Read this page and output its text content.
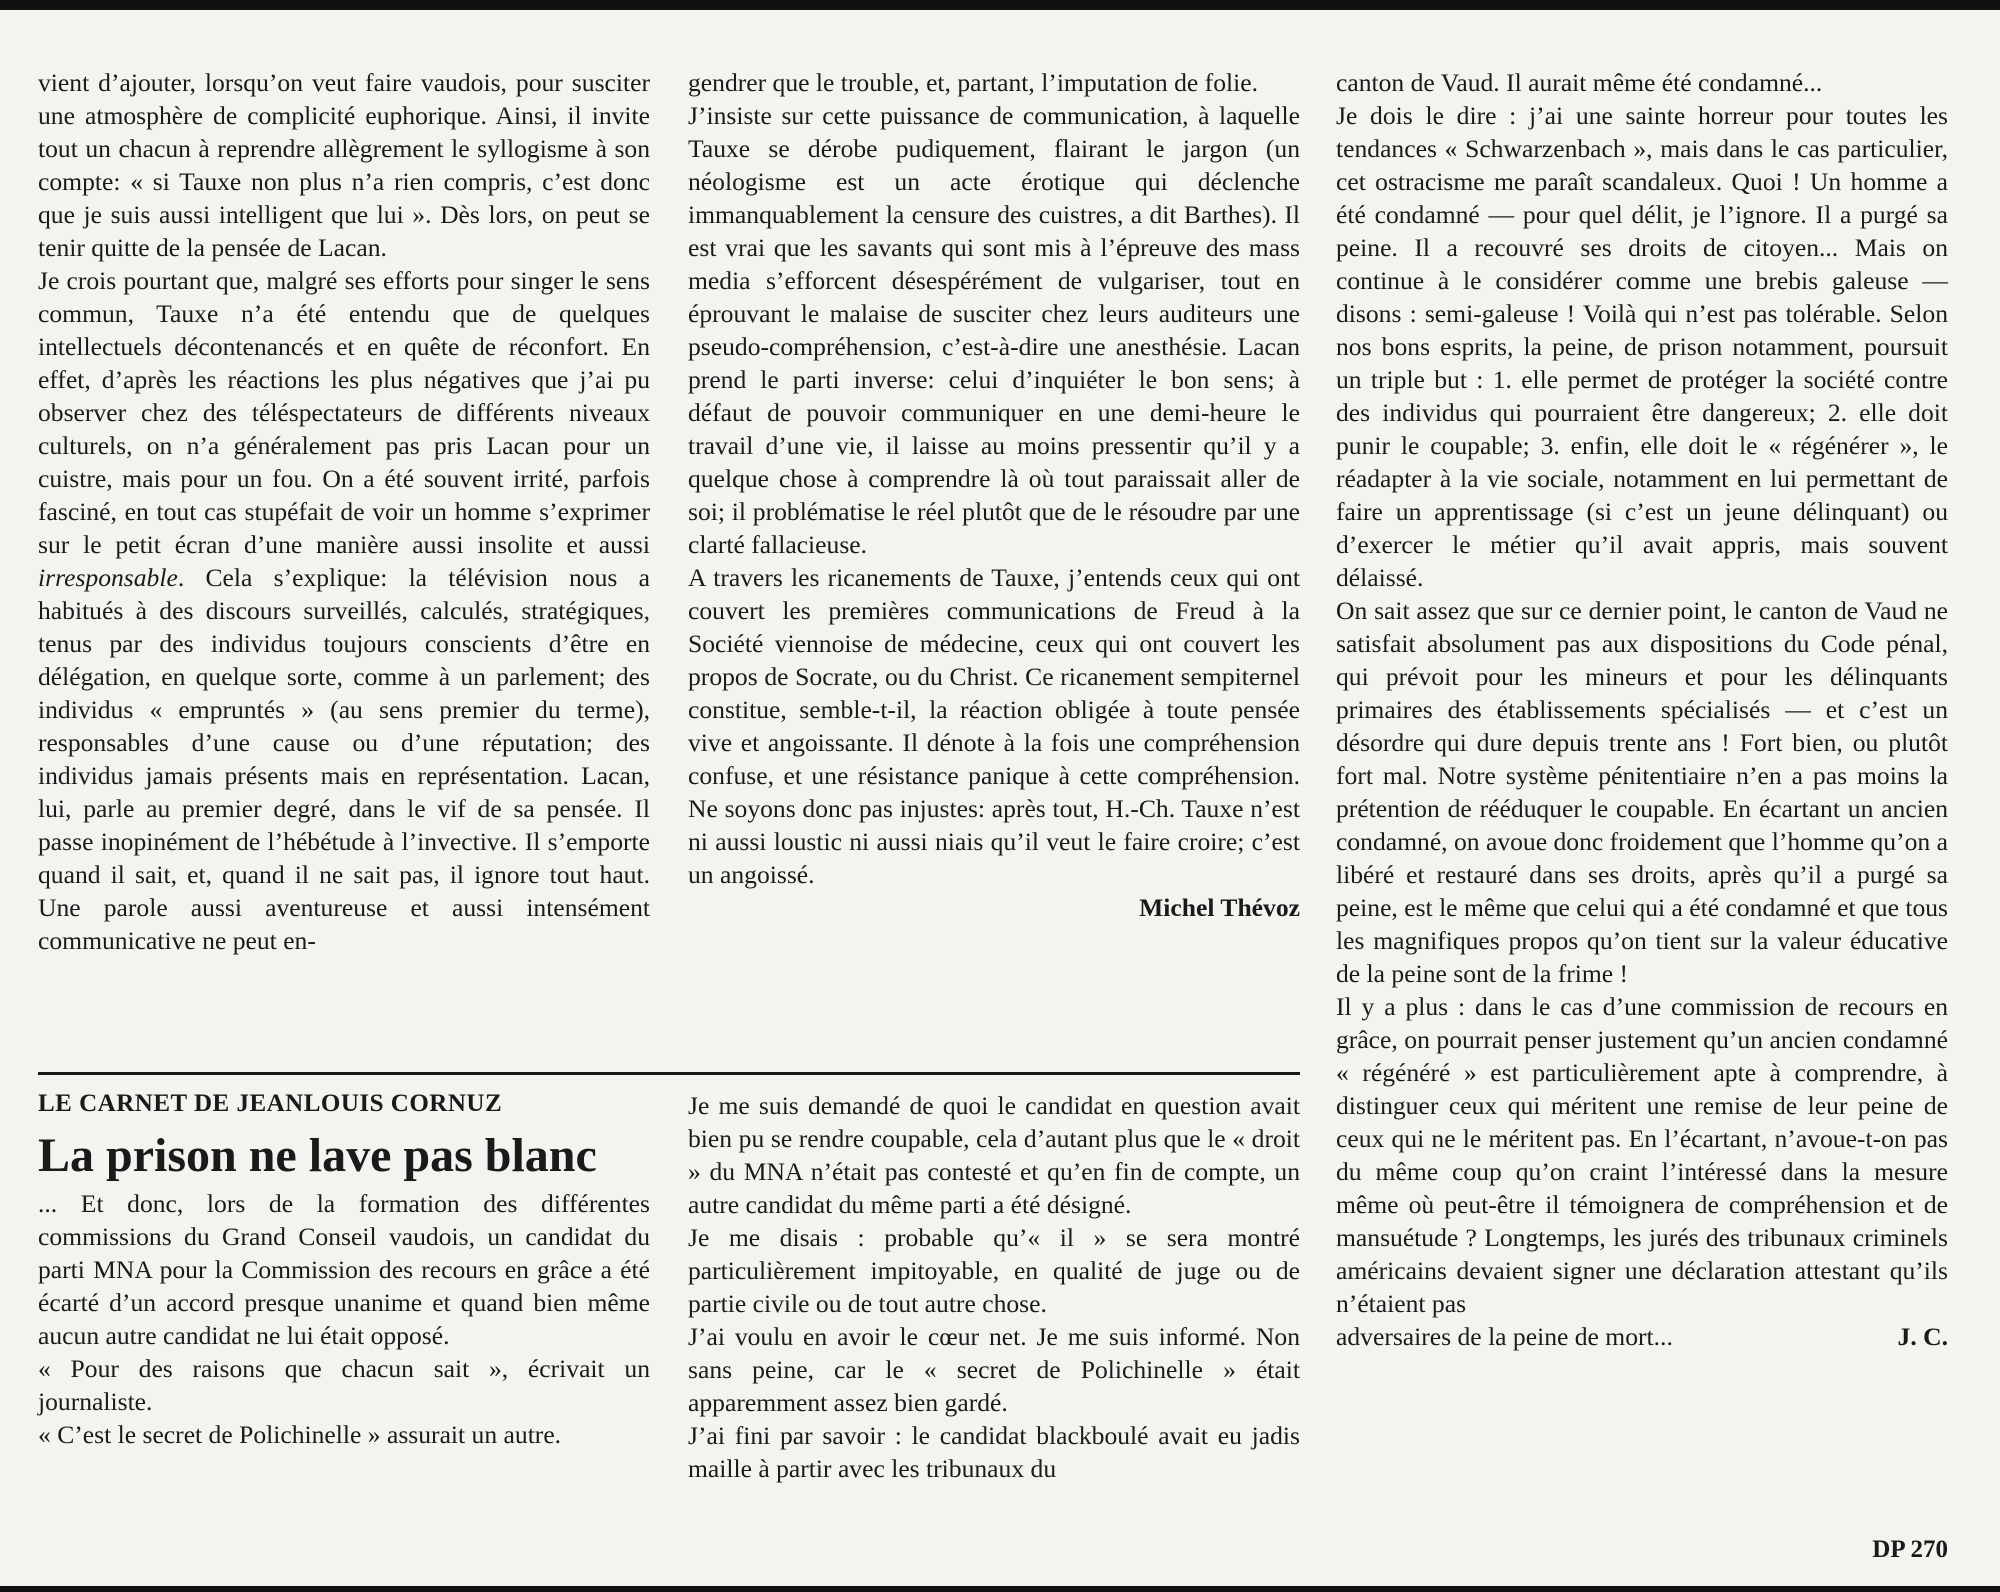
vient d’ajouter, lorsqu’on veut faire vaudois, pour susciter une atmosphère de complicité euphorique. Ainsi, il invite tout un chacun à reprendre allègrement le syllogisme à son compte: « si Tauxe non plus n’a rien compris, c’est donc que je suis aussi intelligent que lui ». Dès lors, on peut se tenir quitte de la pensée de Lacan.

Je crois pourtant que, malgré ses efforts pour singer le sens commun, Tauxe n’a été entendu que de quelques intellectuels décontenancés et en quête de réconfort. En effet, d’après les réactions les plus négatives que j’ai pu observer chez des téléspectateurs de différents niveaux culturels, on n’a généralement pas pris Lacan pour un cuistre, mais pour un fou. On a été souvent irrité, parfois fasciné, en tout cas stupéfait de voir un homme s’exprimer sur le petit écran d’une manière aussi insolite et aussi irresponsable. Cela s’explique: la télévision nous a habitués à des discours surveillés, calculés, stratégiques, tenus par des individus toujours conscients d’être en délégation, en quelque sorte, comme à un parlement; des individus « empruntés » (au sens premier du terme), responsables d’une cause ou d’une réputation; des individus jamais présents mais en représentation. Lacan, lui, parle au premier degré, dans le vif de sa pensée. Il passe inopinément de l’hébétude à l’invective. Il s’emporte quand il sait, et, quand il ne sait pas, il ignore tout haut. Une parole aussi aventureuse et aussi intensément communicative ne peut en-

gendrer que le trouble, et, partant, l’imputation de folie.

J’insiste sur cette puissance de communication, à laquelle Tauxe se dérobe pudiquement, flairant le jargon (un néologisme est un acte érotique qui déclenche immanquablement la censure des cuistres, a dit Barthes). Il est vrai que les savants qui sont mis à l’épreuve des mass media s’efforcent désespérément de vulgariser, tout en éprouvant le malaise de susciter chez leurs auditeurs une pseudo-compréhension, c’est-à-dire une anesthésie. Lacan prend le parti inverse: celui d’inquiéter le bon sens; à défaut de pouvoir communiquer en une demi-heure le travail d’une vie, il laisse au moins pressentir qu’il y a quelque chose à comprendre là où tout paraissait aller de soi; il problématise le réel plutôt que de le résoudre par une clarté fallacieuse.

A travers les ricanements de Tauxe, j’entends ceux qui ont couvert les premières communications de Freud à la Société viennoise de médecine, ceux qui ont couvert les propos de Socrate, ou du Christ. Ce ricanement sempiternel constitue, semble-t-il, la réaction obligée à toute pensée vive et angoissante. Il dénote à la fois une compréhension confuse, et une résistance panique à cette compréhension. Ne soyons donc pas injustes: après tout, H.-Ch. Tauxe n’est ni aussi loustic ni aussi niais qu’il veut le faire croire; c’est un angoissé.

Michel Thévoz

LE CARNET DE JEANLOUIS CORNUZ
La prison ne lave pas blanc

... Et donc, lors de la formation des différentes commissions du Grand Conseil vaudois, un candidat du parti MNA pour la Commission des recours en grâce a été écarté d’un accord presque unanime et quand bien même aucun autre candidat ne lui était opposé.

« Pour des raisons que chacun sait », écrivait un journaliste.

« C’est le secret de Polichinelle » assurait un autre.

Je me suis demandé de quoi le candidat en question avait bien pu se rendre coupable, cela d’autant plus que le « droit » du MNA n’était pas contesté et qu’en fin de compte, un autre candidat du même parti a été désigné.

Je me disais : probable qu’« il » se sera montré particulièrement impitoyable, en qualité de juge ou de partie civile ou de tout autre chose.

J’ai voulu en avoir le cœur net. Je me suis informé. Non sans peine, car le « secret de Polichinelle » était apparemment assez bien gardé.

J’ai fini par savoir : le candidat blackboulé avait eu jadis maille à partir avec les tribunaux du

canton de Vaud. Il aurait même été condamné...

Je dois le dire : j’ai une sainte horreur pour toutes les tendances « Schwarzenbach », mais dans le cas particulier, cet ostracisme me paraît scandaleux. Quoi ! Un homme a été condamné — pour quel délit, je l’ignore. Il a purgé sa peine. Il a recouvré ses droits de citoyen... Mais on continue à le considérer comme une brebis galeuse — disons : semi-galeuse ! Voilà qui n’est pas tolérable. Selon nos bons esprits, la peine, de prison notamment, poursuit un triple but : 1. elle permet de protéger la société contre des individus qui pourraient être dangereux; 2. elle doit punir le coupable; 3. enfin, elle doit le « régénérer », le réadapter à la vie sociale, notamment en lui permettant de faire un apprentissage (si c’est un jeune délinquant) ou d’exercer le métier qu’il avait appris, mais souvent délaissé.

On sait assez que sur ce dernier point, le canton de Vaud ne satisfait absolument pas aux dispositions du Code pénal, qui prévoit pour les mineurs et pour les délinquants primaires des établissements spécialisés — et c’est un désordre qui dure depuis trente ans ! Fort bien, ou plutôt fort mal. Notre système pénitentiaire n’en a pas moins la prétention de rééduquer le coupable. En écartant un ancien condamné, on avoue donc froidement que l’homme qu’on a libéré et restauré dans ses droits, après qu’il a purgé sa peine, est le même que celui qui a été condamné et que tous les magnifiques propos qu’on tient sur la valeur éducative de la peine sont de la frime !

Il y a plus : dans le cas d’une commission de recours en grâce, on pourrait penser justement qu’un ancien condamné « régénéré » est particulièrement apte à comprendre, à distinguer ceux qui méritent une remise de leur peine de ceux qui ne le méritent pas. En l’écartant, n’avoue-t-on pas du même coup qu’on craint l’intéressé dans la mesure même où peut-être il témoignera de compréhension et de mansuétude ? Longtemps, les jurés des tribunaux criminels américains devaient signer une déclaration attestant qu’ils n’étaient pas

adversaires de la peine de mort...	J. C.

DP 270
